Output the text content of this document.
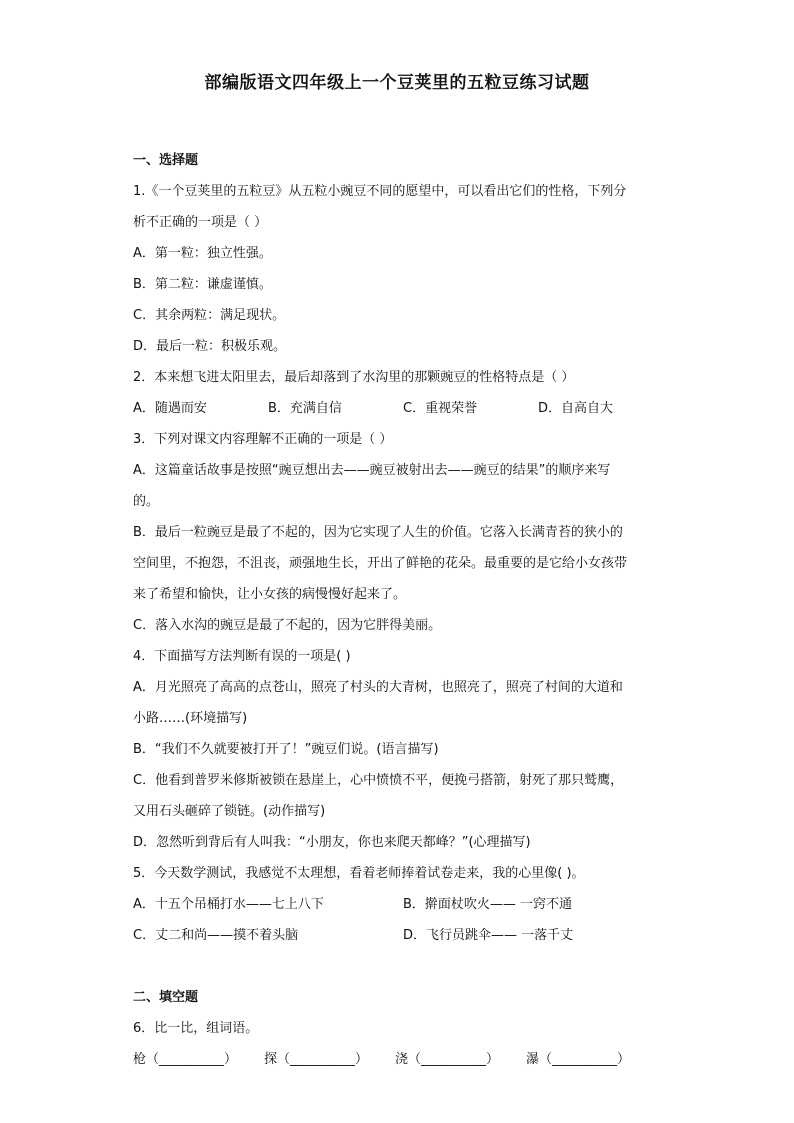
部编版语文四年级上一个豆荚里的五粒豆练习试题
一、选择题
1.《一个豆荚里的五粒豆》从五粒小豌豆不同的愿望中，可以看出它们的性格，下列分
析不正确的一项是（ ）
A．第一粒：独立性强。
B．第二粒：谦虚谨慎。
C．其余两粒：满足现状。
D．最后一粒：积极乐观。
2．本来想飞进太阳里去，最后却落到了水沟里的那颗豌豆的性格特点是（ ）
A．随遇而安	B．充满自信	C．重视荣誉	D．自高自大
3．下列对课文内容理解不正确的一项是（ ）
A．这篇童话故事是按照“豌豆想出去——豌豆被射出去——豌豆的结果”的顺序来写
的。
B．最后一粒豌豆是最了不起的，因为它实现了人生的价值。它落入长满青苔的狭小的
空间里，不抱怨，不沮丧，顽强地生长，开出了鲜艳的花朵。最重要的是它给小女孩带
来了希望和愉快，让小女孩的病慢慢好起来了。
C．落入水沟的豌豆是最了不起的，因为它胖得美丽。
4．下面描写方法判断有误的一项是( )
A．月光照亮了高高的点苍山，照亮了村头的大青树，也照亮了，照亮了村间的大道和
小路……(环境描写)
B．“我们不久就要被打开了！”豌豆们说。(语言描写)
C．他看到普罗米修斯被锁在悬崖上，心中愤愤不平，便挽弓搭箭，射死了那只鹫鹰，
又用石头砸碎了锁链。(动作描写)
D．忽然听到背后有人叫我：“小朋友，你也来爬天都峰？”(心理描写)
5．今天数学测试，我感觉不太理想，看着老师捧着试卷走来，我的心里像( )。
A．十五个吊桶打水——七上八下	B．擀面杖吹火—— 一窍不通
C．丈二和尚——摸不着头脑	D．飞行员跳伞—— 一落千丈
二、填空题
6．比一比，组词语。
枪（__________） 探（__________） 浇（__________） 瀑（__________）
